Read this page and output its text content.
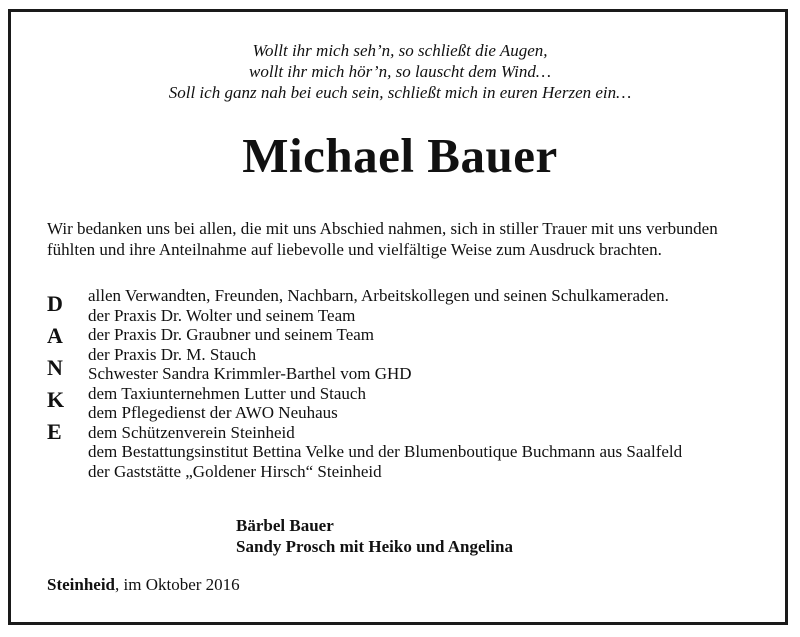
Wollt ihr mich seh’n, so schließt die Augen,
wollt ihr mich hör’n, so lauscht dem Wind…
Soll ich ganz nah bei euch sein, schließt mich in euren Herzen ein…
Michael Bauer
Wir bedanken uns bei allen, die mit uns Abschied nahmen, sich in stiller Trauer mit uns verbunden fühlten und ihre Anteilnahme auf liebevolle und vielfältige Weise zum Ausdruck brachten.
D
A
N
K
E
allen Verwandten, Freunden, Nachbarn, Arbeitskollegen und seinen Schulkameraden.
der Praxis Dr. Wolter und seinem Team
der Praxis Dr. Graubner und seinem Team
der Praxis Dr. M. Stauch
Schwester Sandra Krimmler-Barthel vom GHD
dem Taxiunternehmen Lutter und Stauch
dem Pflegedienst der AWO Neuhaus
dem Schützenverein Steinheid
dem Bestattungsinstitut Bettina Velke und der Blumenboutique Buchmann aus Saalfeld
der Gaststätte „Goldener Hirsch“ Steinheid
Bärbel Bauer
Sandy Prosch mit Heiko und Angelina
Steinheid, im Oktober 2016
